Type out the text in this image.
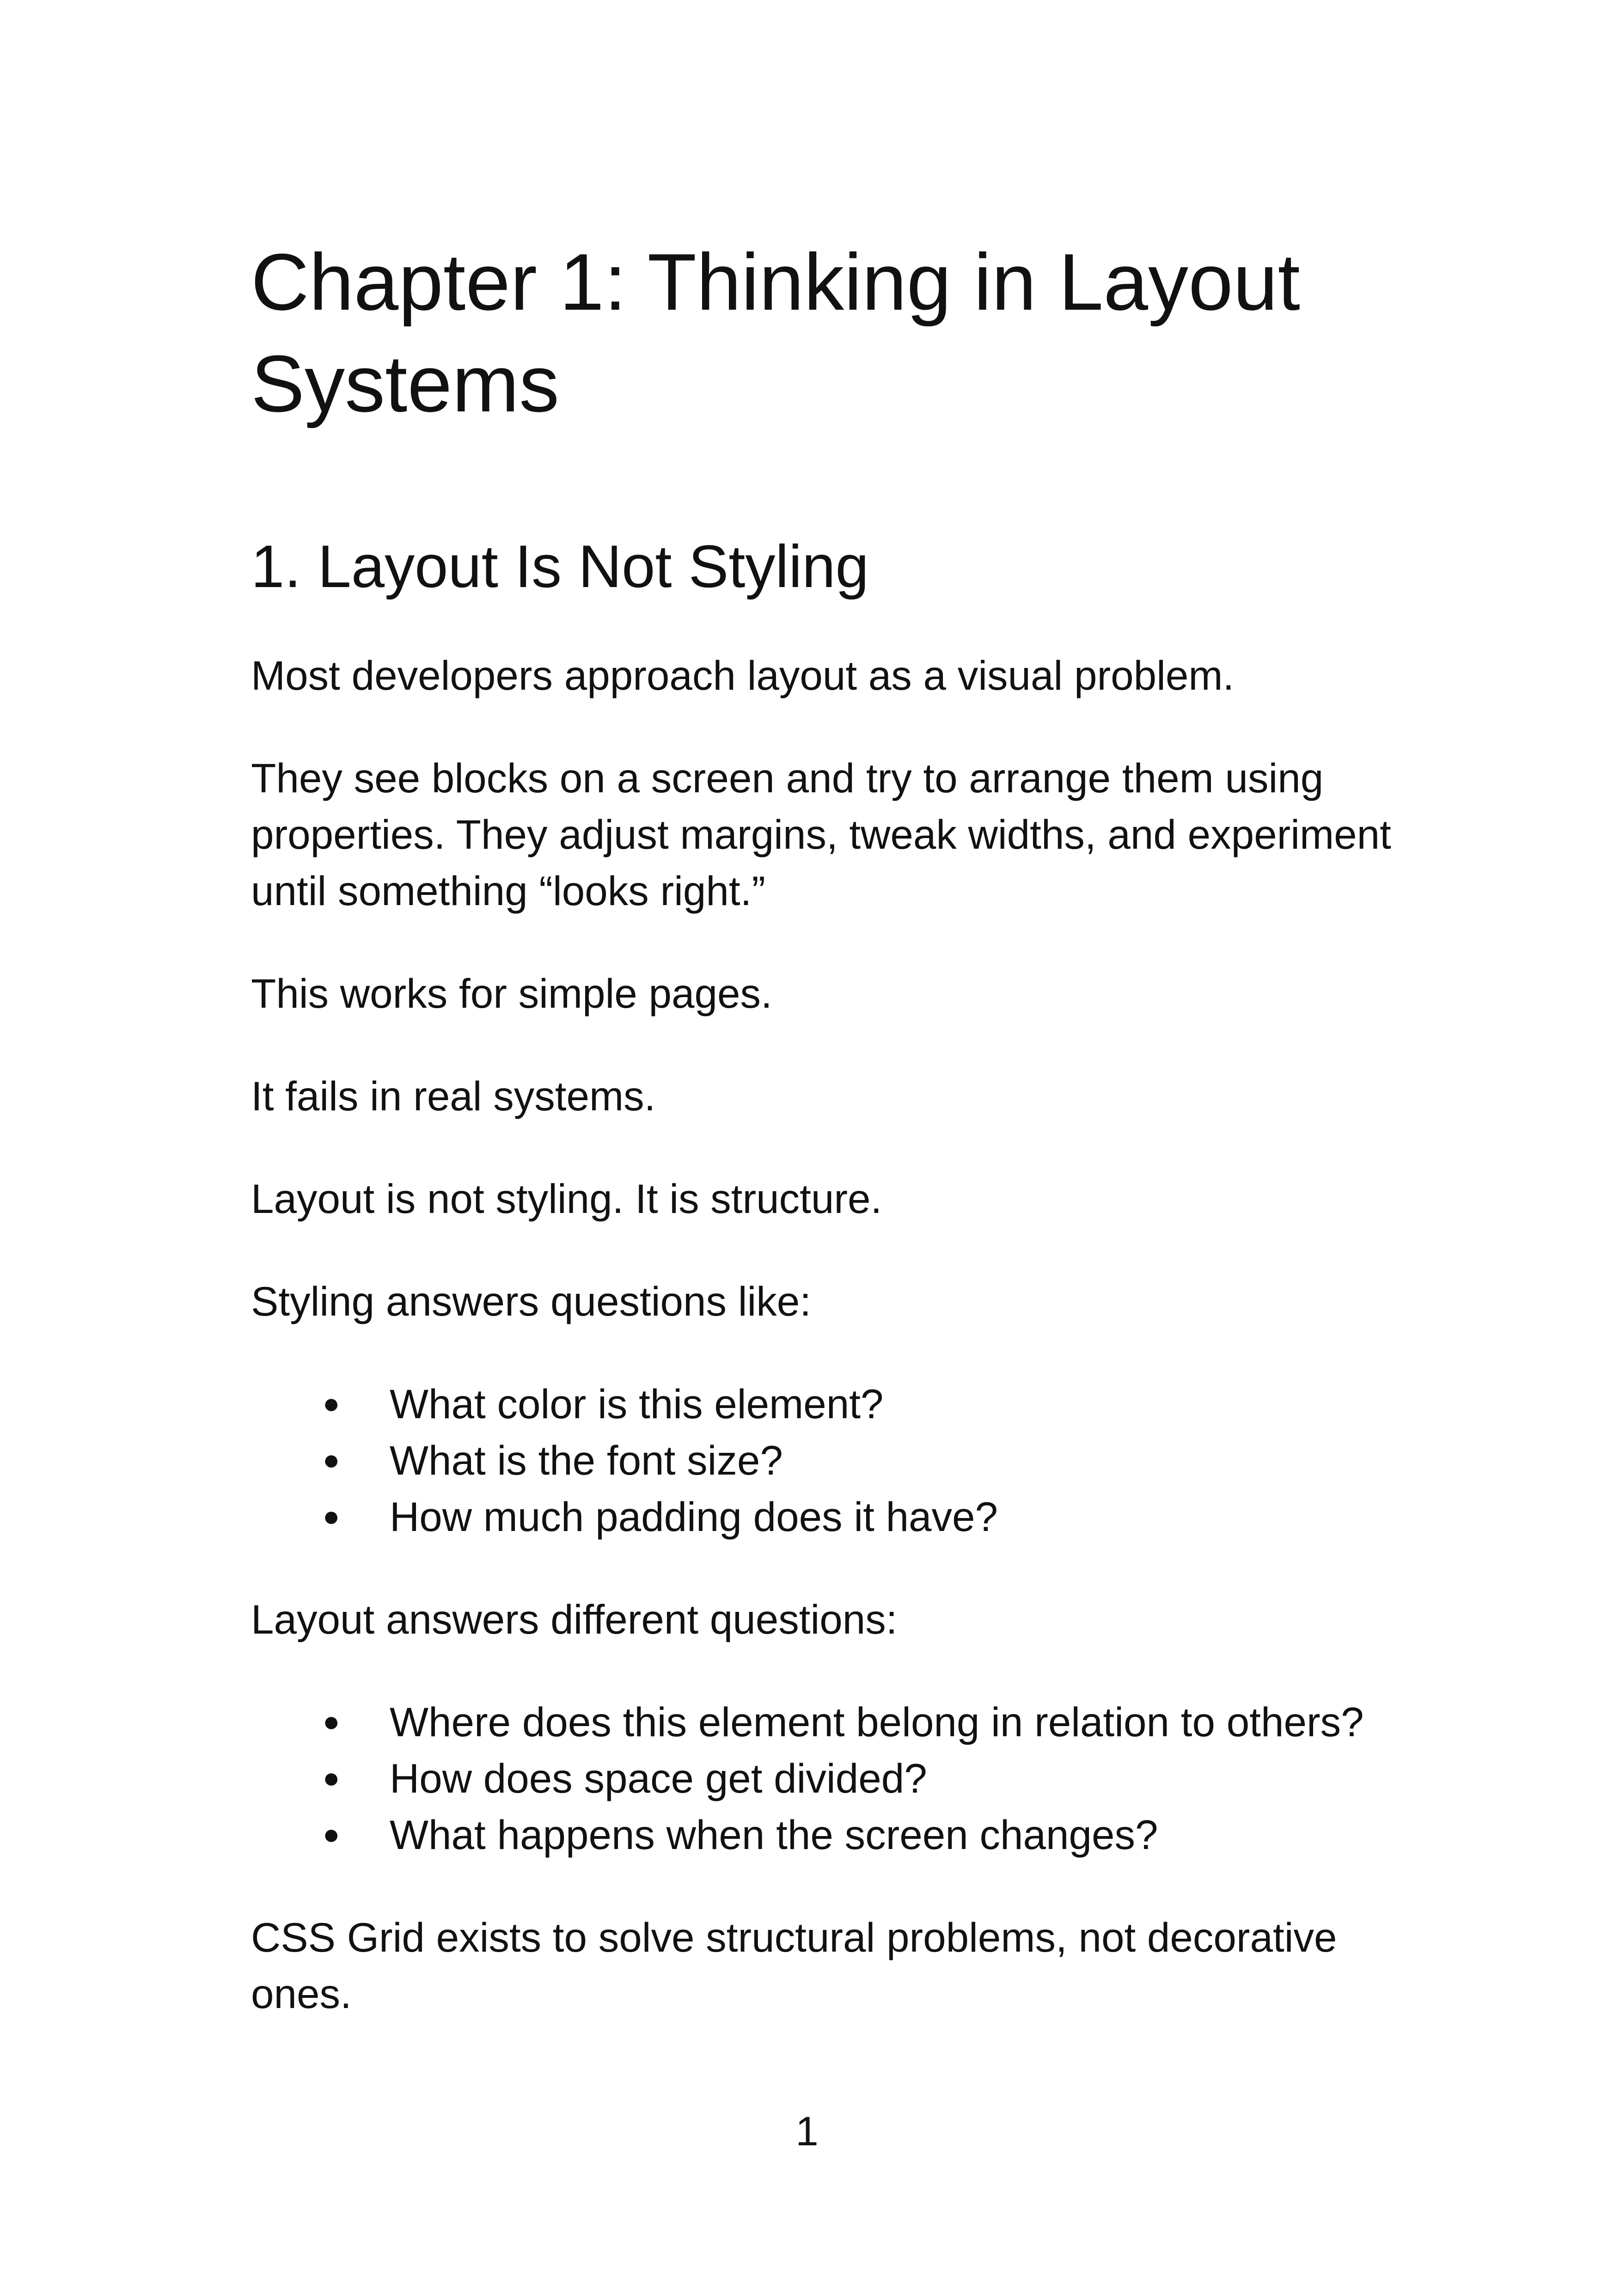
Chapter 1: Thinking in Layout Systems
1. Layout Is Not Styling

Most developers approach layout as a visual problem.

They see blocks on a screen and try to arrange them using properties. They adjust margins, tweak widths, and experiment until something “looks right.”

This works for simple pages.

It fails in real systems.

Layout is not styling. It is structure.

Styling answers questions like:

● What color is this element?
● What is the font size?
● How much padding does it have?

Layout answers different questions:

● Where does this element belong in relation to others?
● How does space get divided?
● What happens when the screen changes?

CSS Grid exists to solve structural problems, not decorative ones.

1
